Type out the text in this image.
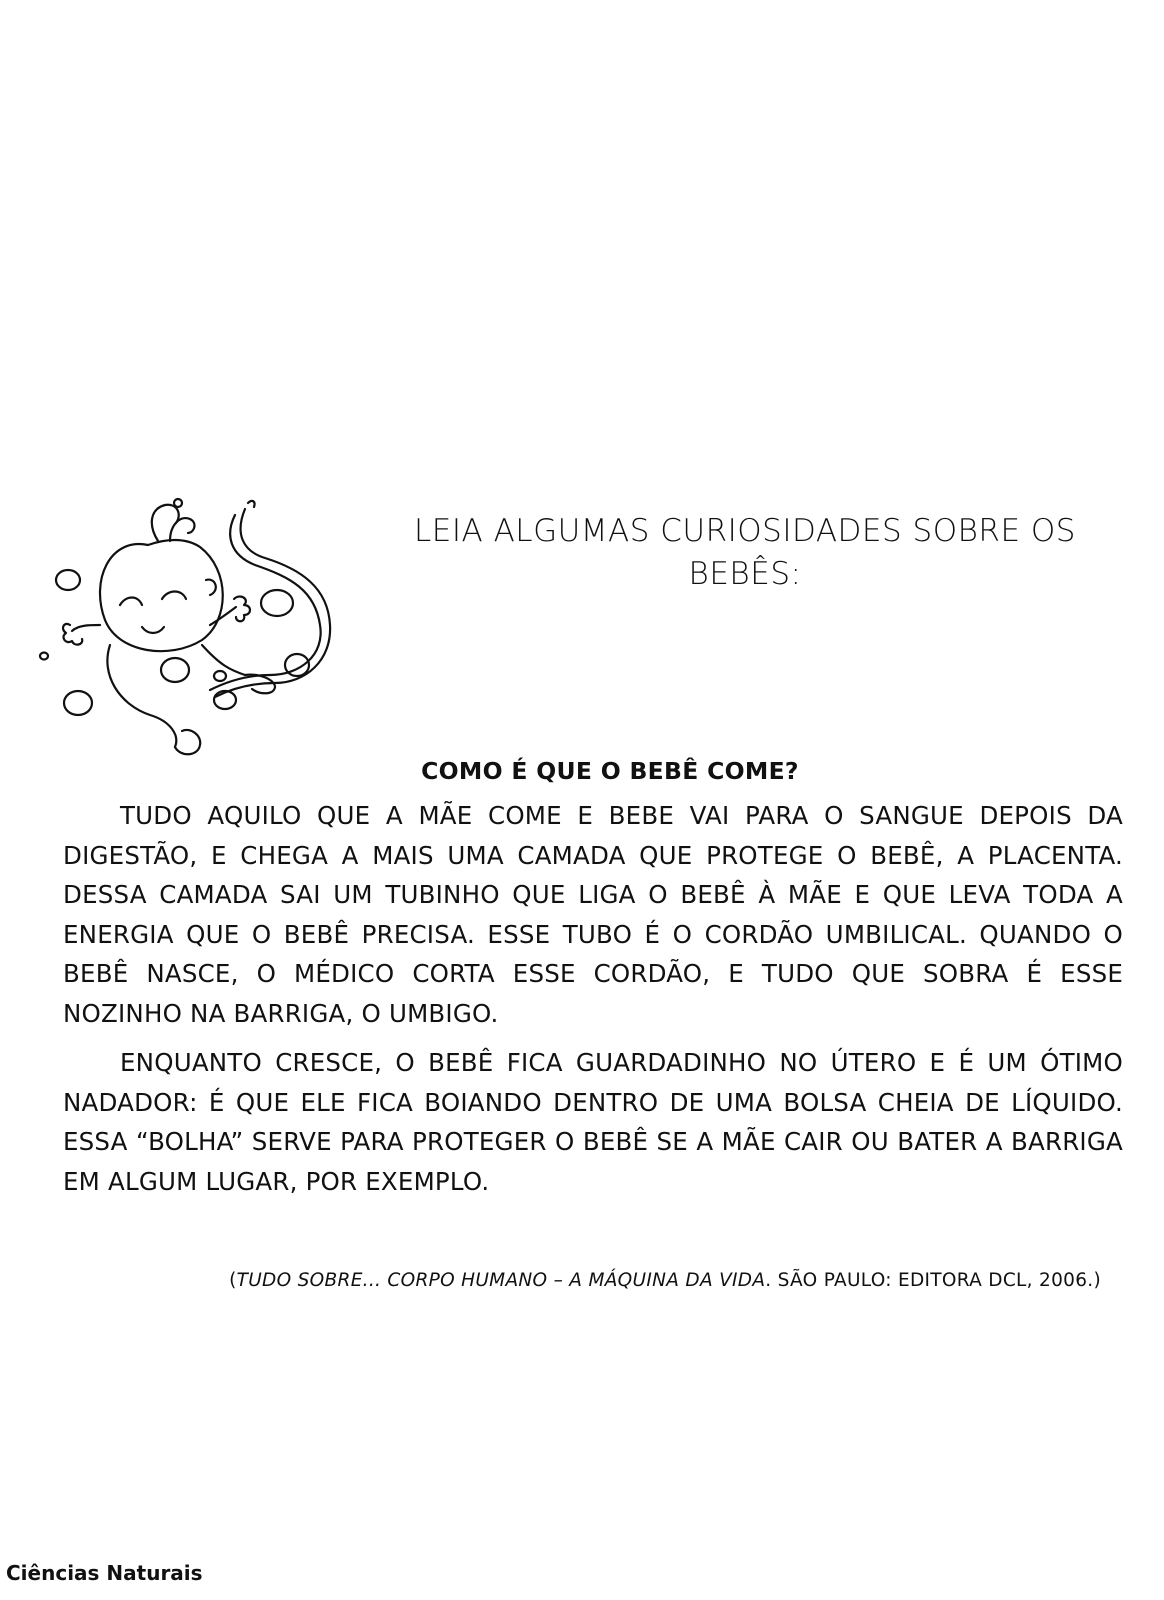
LEIA ALGUMAS CURIOSIDADES SOBRE OS BEBÊS:
COMO É QUE O BEBÊ COME?

TUDO AQUILO QUE A MÃE COME E BEBE VAI PARA O SANGUE DEPOIS DA DIGESTÃO, E CHEGA A MAIS UMA CAMADA QUE PROTEGE O BEBÊ, A PLACENTA. DESSA CAMADA SAI UM TUBINHO QUE LIGA O BEBÊ À MÃE E QUE LEVA TODA A ENERGIA QUE O BEBÊ PRECISA. ESSE TUBO É O CORDÃO UMBILICAL. QUANDO O BEBÊ NASCE, O MÉDICO CORTA ESSE CORDÃO, E TUDO QUE SOBRA É ESSE NOZINHO NA BARRIGA, O UMBIGO.

ENQUANTO CRESCE, O BEBÊ FICA GUARDADINHO NO ÚTERO E É UM ÓTIMO NADADOR: É QUE ELE FICA BOIANDO DENTRO DE UMA BOLSA CHEIA DE LÍQUIDO. ESSA “BOLHA” SERVE PARA PROTEGER O BEBÊ SE A MÃE CAIR OU BATER A BARRIGA EM ALGUM LUGAR, POR EXEMPLO.

(TUDO SOBRE... CORPO HUMANO – A MÁQUINA DA VIDA. SÃO PAULO: EDITORA DCL, 2006.)

Ciências Naturais
